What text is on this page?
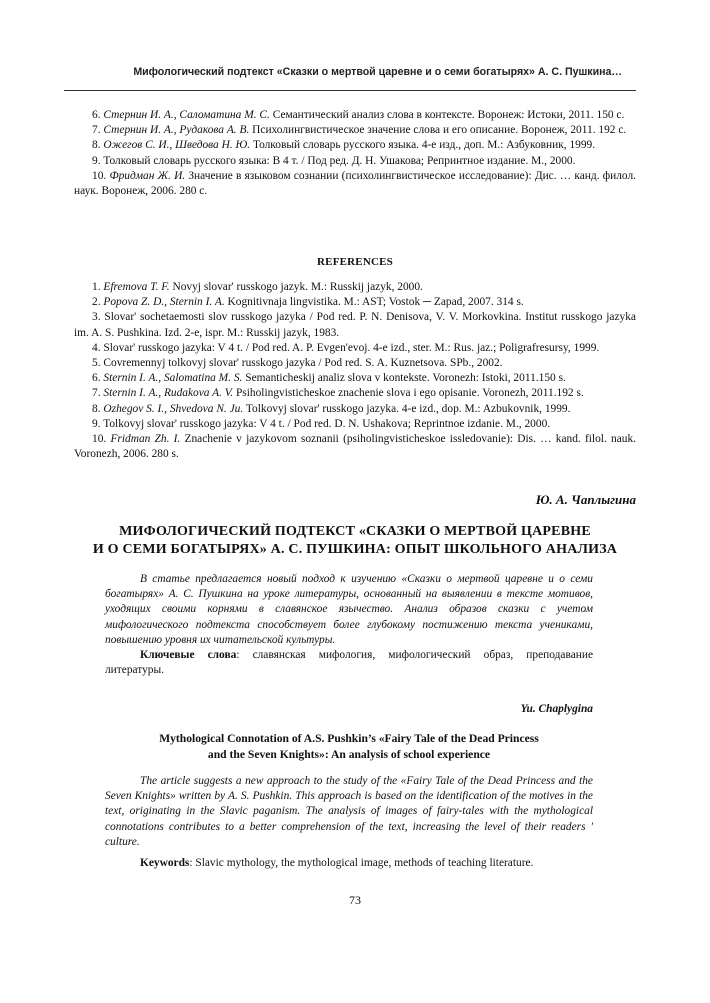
Мифологический подтекст «Сказки о мертвой царевне и о семи богатырях» А. С. Пушкина…

6. Стернин И. А., Саломатина М. С. Семантический анализ слова в контексте. Воронеж: Истоки, 2011. 150 с.

7. Стернин И. А., Рудакова А. В. Психолингвистическое значение слова и его описание. Воронеж, 2011. 192 с.

8. Ожегов С. И., Шведова Н. Ю. Толковый словарь русского языка. 4-е изд., доп. М.: Азбуковник, 1999.

9. Толковый словарь русского языка: В 4 т. / Под ред. Д. Н. Ушакова; Репринтное издание. М., 2000.

10. Фридман Ж. И. Значение в языковом сознании (психолингвистическое исследование): Дис. … канд. филол. наук. Воронеж, 2006. 280 с.

REFERENCES

1. Efremova T. F. Novyj slovar' russkogo jazyk. M.: Russkij jazyk, 2000.

2. Popova Z. D., Sternin I. A. Kognitivnaja lingvistika. M.: AST; Vostok ─ Zapad, 2007. 314 s.

3. Slovar' sochetaemosti slov russkogo jazyka / Pod red. P. N. Denisova, V. V. Morkovkina. Institut russkogo jazyka im. A. S. Pushkina. Izd. 2-e, ispr. M.: Russkij jazyk, 1983.

4. Slovar' russkogo jazyka: V 4 t. / Pod red. A. P. Evgen'evoj. 4-e izd., ster. M.: Rus. jaz.; Poligrafresursy, 1999.

5. Covremennyj tolkovyj slovar' russkogo jazyka / Pod red. S. A. Kuznetsova. SPb., 2002.

6. Sternin I. A., Salomatina M. S. Semanticheskij analiz slova v kontekste. Voronezh: Istoki, 2011.150 s.

7. Sternin I. A., Rudakova A. V. Psiholingvisticheskoe znachenie slova i ego opisanie. Voronezh, 2011.192 s.

8. Ozhegov S. I., Shvedova N. Ju. Tolkovyj slovar' russkogo jazyka. 4-e izd., dop. M.: Azbukovnik, 1999.

9. Tolkovyj slovar' russkogo jazyka: V 4 t. / Pod red. D. N. Ushakova; Reprintnoe izdanie. M., 2000.

10. Fridman Zh. I. Znachenie v jazykovom soznanii (psiholingvisticheskoe issledovanie): Dis. … kand. filol. nauk. Voronezh, 2006. 280 s.

Ю. А. Чаплыгина
МИФОЛОГИЧЕСКИЙ ПОДТЕКСТ «СКАЗКИ О МЕРТВОЙ ЦАРЕВНЕ
И О СЕМИ БОГАТЫРЯХ» А. С. ПУШКИНА: ОПЫТ ШКОЛЬНОГО АНАЛИЗА

В статье предлагается новый подход к изучению «Сказки о мертвой царевне и о семи богатырях» А. С. Пушкина на уроке литературы, основанный на выявлении в тексте мотивов, уходящих своими корнями в славянское язычество. Анализ образов сказки с учетом мифологического подтекста способствует более глубокому постижению текста учениками, повышению уровня их читательской культуры.

Ключевые слова: славянская мифология, мифологический образ, преподавание литературы.

Yu. Chaplygina
Mythological Connotation of A.S. Pushkin’s «Fairy Tale of the Dead Princess
and the Seven Knights»: An analysis of school experience

The article suggests a new approach to the study of the «Fairy Tale of the Dead Princess and the Seven Knights» written by A. S. Pushkin. This approach is based on the identification of the motives in the text, originating in the Slavic paganism. The analysis of images of fairy-tales with the mythological connotations contributes to a better comprehension of the text, increasing the level of their readers ' culture.

Keywords: Slavic mythology, the mythological image, methods of teaching literature.

73
